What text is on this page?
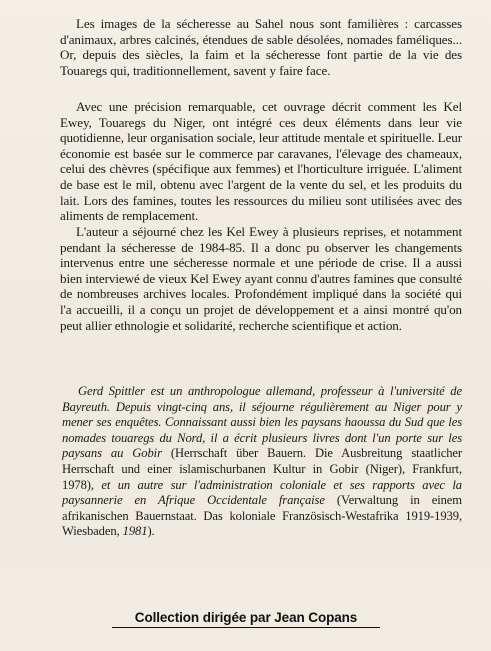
Les images de la sécheresse au Sahel nous sont familières : carcasses d'animaux, arbres calcinés, étendues de sable désolées, nomades faméliques... Or, depuis des siècles, la faim et la sécheresse font partie de la vie des Touaregs qui, traditionnellement, savent y faire face.

Avec une précision remarquable, cet ouvrage décrit comment les Kel Ewey, Touaregs du Niger, ont intégré ces deux éléments dans leur vie quotidienne, leur organisation sociale, leur attitude mentale et spirituelle. Leur économie est basée sur le commerce par caravanes, l'élevage des chameaux, celui des chèvres (spécifique aux femmes) et l'horticulture irriguée. L'aliment de base est le mil, obtenu avec l'argent de la vente du sel, et les produits du lait. Lors des famines, toutes les ressources du milieu sont utilisées avec des aliments de remplacement.

L'auteur a séjourné chez les Kel Ewey à plusieurs reprises, et notamment pendant la sécheresse de 1984-85. Il a donc pu observer les changements intervenus entre une sécheresse normale et une période de crise. Il a aussi bien interviewé de vieux Kel Ewey ayant connu d'autres famines que consulté de nombreuses archives locales. Profondément impliqué dans la société qui l'a accueilli, il a conçu un projet de développement et a ainsi montré qu'on peut allier ethnologie et solidarité, recherche scientifique et action.

Gerd Spittler est un anthropologue allemand, professeur à l'université de Bayreuth. Depuis vingt-cinq ans, il séjourne régulièrement au Niger pour y mener ses enquêtes. Connaissant aussi bien les paysans haoussa du Sud que les nomades touaregs du Nord, il a écrit plusieurs livres dont l'un porte sur les paysans au Gobir (Herrschaft über Bauern. Die Ausbreitung staatlicher Herrschaft und einer islamischurbanen Kultur in Gobir (Niger), Frankfurt, 1978), et un autre sur l'administration coloniale et ses rapports avec la paysannerie en Afrique Occidentale française (Verwaltung in einem afrikanischen Bauernstaat. Das koloniale Französisch-Westafrika 1919-1939, Wiesbaden, 1981).

Collection dirigée par Jean Copans
